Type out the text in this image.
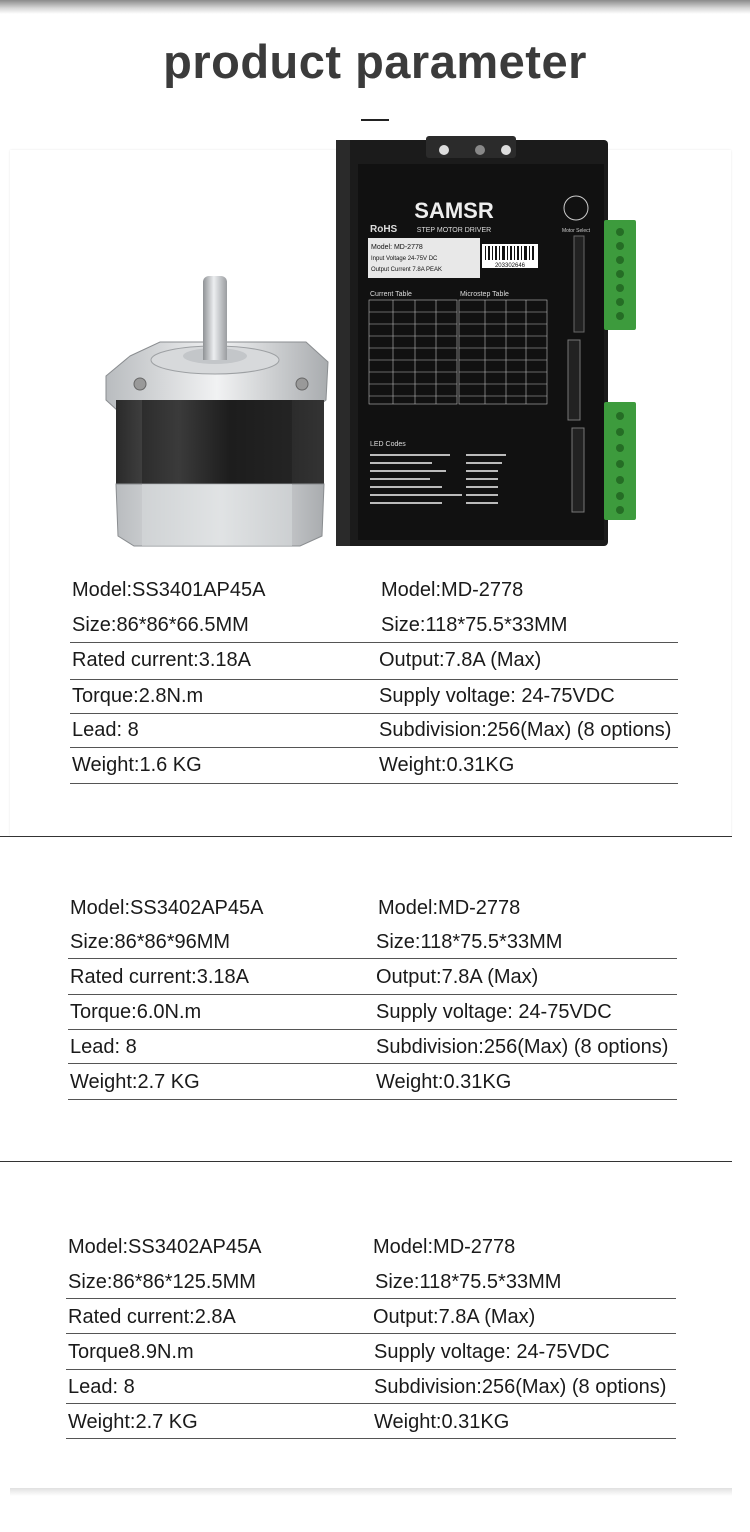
product parameter
SAMSR
STEP MOTOR DRIVER
RoHS
Model: MD-2778
Input Voltage 24-75V DC
Output Current 7.8A PEAK
203302646
Current Table	Microstep Table
LED Codes
Motor Select
Model:SS3401AP45A	Model:MD-2778
Size:86*86*66.5MM	Size:118*75.5*33MM
Rated current:3.18A	Output:7.8A (Max)
Torque:2.8N.m	Supply voltage: 24-75VDC
Lead: 8	Subdivision:256(Max) (8 options)
Weight:1.6 KG	Weight:0.31KG
Model:SS3402AP45A	Model:MD-2778
Size:86*86*96MM	Size:118*75.5*33MM
Rated current:3.18A	Output:7.8A (Max)
Torque:6.0N.m	Supply voltage: 24-75VDC
Lead: 8	Subdivision:256(Max) (8 options)
Weight:2.7 KG	Weight:0.31KG
Model:SS3402AP45A	Model:MD-2778
Size:86*86*125.5MM	Size:118*75.5*33MM
Rated current:2.8A	Output:7.8A (Max)
Torque8.9N.m	Supply voltage: 24-75VDC
Lead: 8	Subdivision:256(Max) (8 options)
Weight:2.7 KG	Weight:0.31KG
